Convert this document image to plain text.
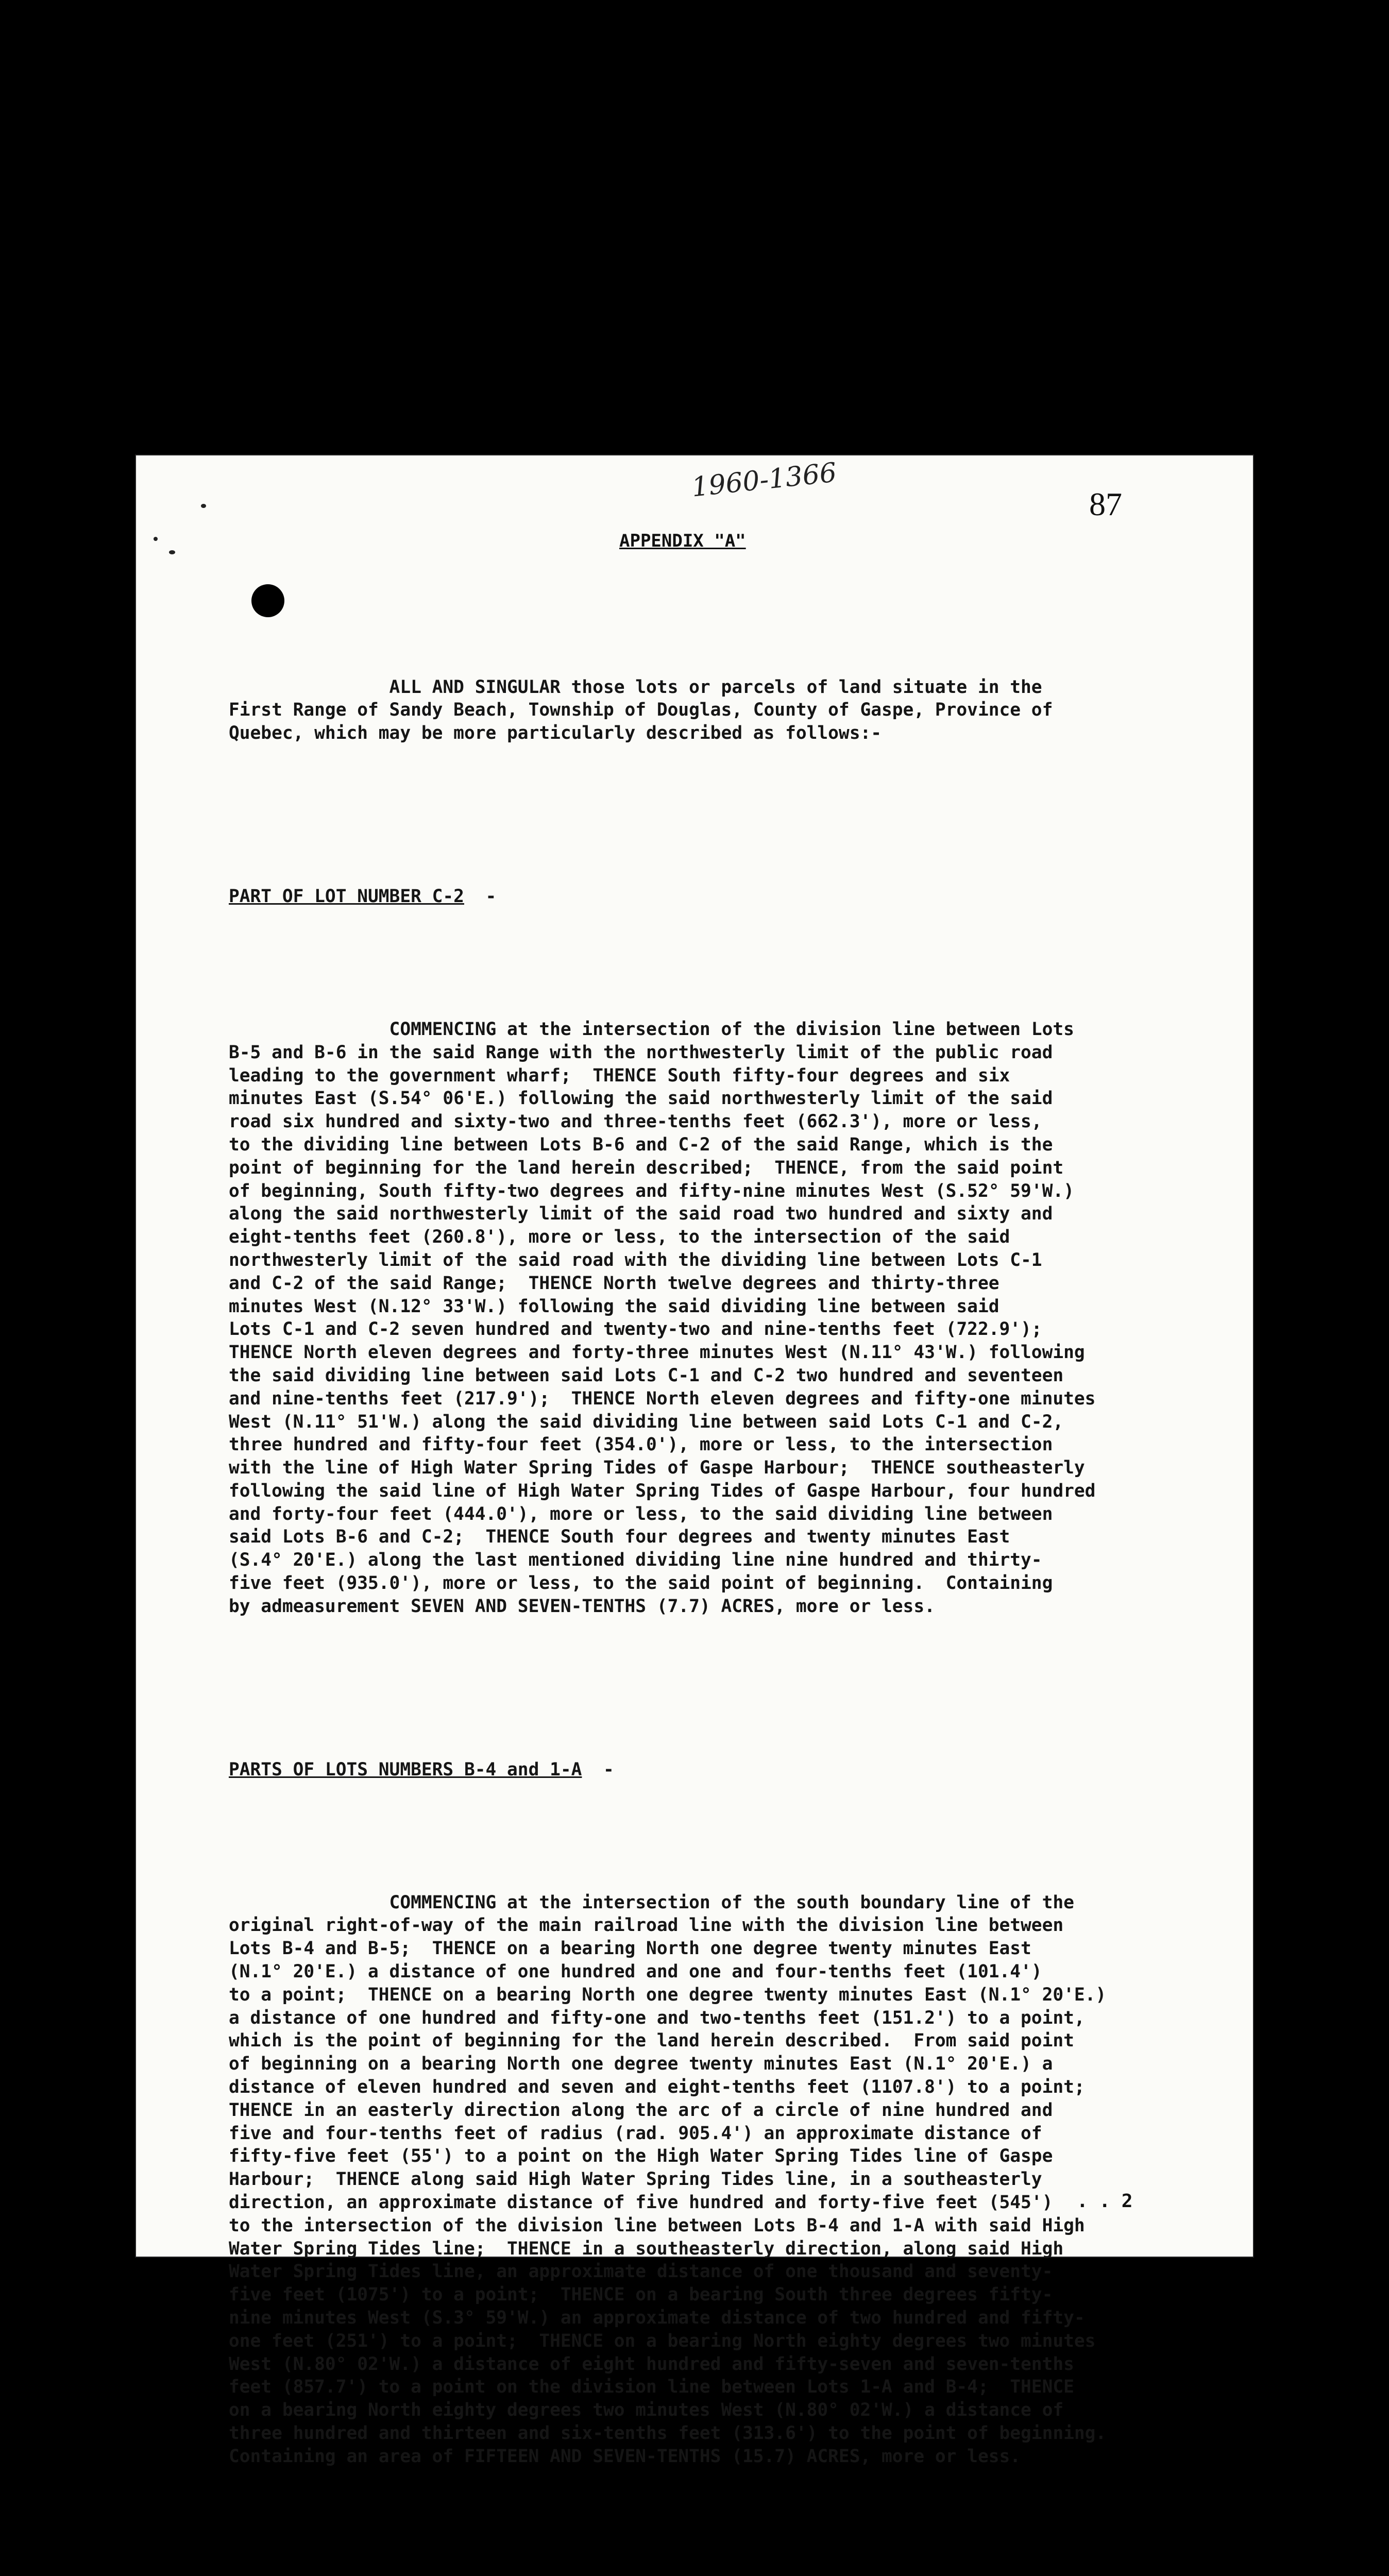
1960-1366
87
APPENDIX "A"

ALL AND SINGULAR those lots or parcels of land situate in the
First Range of Sandy Beach, Township of Douglas, County of Gaspe, Province of
Quebec, which may be more particularly described as follows:-

PART OF LOT NUMBER C-2  -

COMMENCING at the intersection of the division line between Lots
B-5 and B-6 in the said Range with the northwesterly limit of the public road
leading to the government wharf;  THENCE South fifty-four degrees and six
minutes East (S.54° 06'E.) following the said northwesterly limit of the said
road six hundred and sixty-two and three-tenths feet (662.3'), more or less,
to the dividing line between Lots B-6 and C-2 of the said Range, which is the
point of beginning for the land herein described;  THENCE, from the said point
of beginning, South fifty-two degrees and fifty-nine minutes West (S.52° 59'W.)
along the said northwesterly limit of the said road two hundred and sixty and
eight-tenths feet (260.8'), more or less, to the intersection of the said
northwesterly limit of the said road with the dividing line between Lots C-1
and C-2 of the said Range;  THENCE North twelve degrees and thirty-three
minutes West (N.12° 33'W.) following the said dividing line between said
Lots C-1 and C-2 seven hundred and twenty-two and nine-tenths feet (722.9');
THENCE North eleven degrees and forty-three minutes West (N.11° 43'W.) following
the said dividing line between said Lots C-1 and C-2 two hundred and seventeen
and nine-tenths feet (217.9');  THENCE North eleven degrees and fifty-one minutes
West (N.11° 51'W.) along the said dividing line between said Lots C-1 and C-2,
three hundred and fifty-four feet (354.0'), more or less, to the intersection
with the line of High Water Spring Tides of Gaspe Harbour;  THENCE southeasterly
following the said line of High Water Spring Tides of Gaspe Harbour, four hundred
and forty-four feet (444.0'), more or less, to the said dividing line between
said Lots B-6 and C-2;  THENCE South four degrees and twenty minutes East
(S.4° 20'E.) along the last mentioned dividing line nine hundred and thirty-
five feet (935.0'), more or less, to the said point of beginning.  Containing
by admeasurement SEVEN AND SEVEN-TENTHS (7.7) ACRES, more or less.

PARTS OF LOTS NUMBERS B-4 and 1-A  -

COMMENCING at the intersection of the south boundary line of the
original right-of-way of the main railroad line with the division line between
Lots B-4 and B-5;  THENCE on a bearing North one degree twenty minutes East
(N.1° 20'E.) a distance of one hundred and one and four-tenths feet (101.4')
to a point;  THENCE on a bearing North one degree twenty minutes East (N.1° 20'E.)
a distance of one hundred and fifty-one and two-tenths feet (151.2') to a point,
which is the point of beginning for the land herein described.  From said point
of beginning on a bearing North one degree twenty minutes East (N.1° 20'E.) a
distance of eleven hundred and seven and eight-tenths feet (1107.8') to a point;
THENCE in an easterly direction along the arc of a circle of nine hundred and
five and four-tenths feet of radius (rad. 905.4') an approximate distance of
fifty-five feet (55') to a point on the High Water Spring Tides line of Gaspe
Harbour;  THENCE along said High Water Spring Tides line, in a southeasterly
direction, an approximate distance of five hundred and forty-five feet (545')
to the intersection of the division line between Lots B-4 and 1-A with said High
Water Spring Tides line;  THENCE in a southeasterly direction, along said High
Water Spring Tides line, an approximate distance of one thousand and seventy-
five feet (1075') to a point;  THENCE on a bearing South three degrees fifty-
nine minutes West (S.3° 59'W.) an approximate distance of two hundred and fifty-
one feet (251') to a point;  THENCE on a bearing North eighty degrees two minutes
West (N.80° 02'W.) a distance of eight hundred and fifty-seven and seven-tenths
feet (857.7') to a point on the division line between Lots 1-A and B-4;  THENCE
on a bearing North eighty degrees two minutes West (N.80° 02'W.) a distance of
three hundred and thirteen and six-tenths feet (313.6') to the point of beginning.
Containing an area of FIFTEEN AND SEVEN-TENTHS (15.7) ACRES, more or less.

. . 2
